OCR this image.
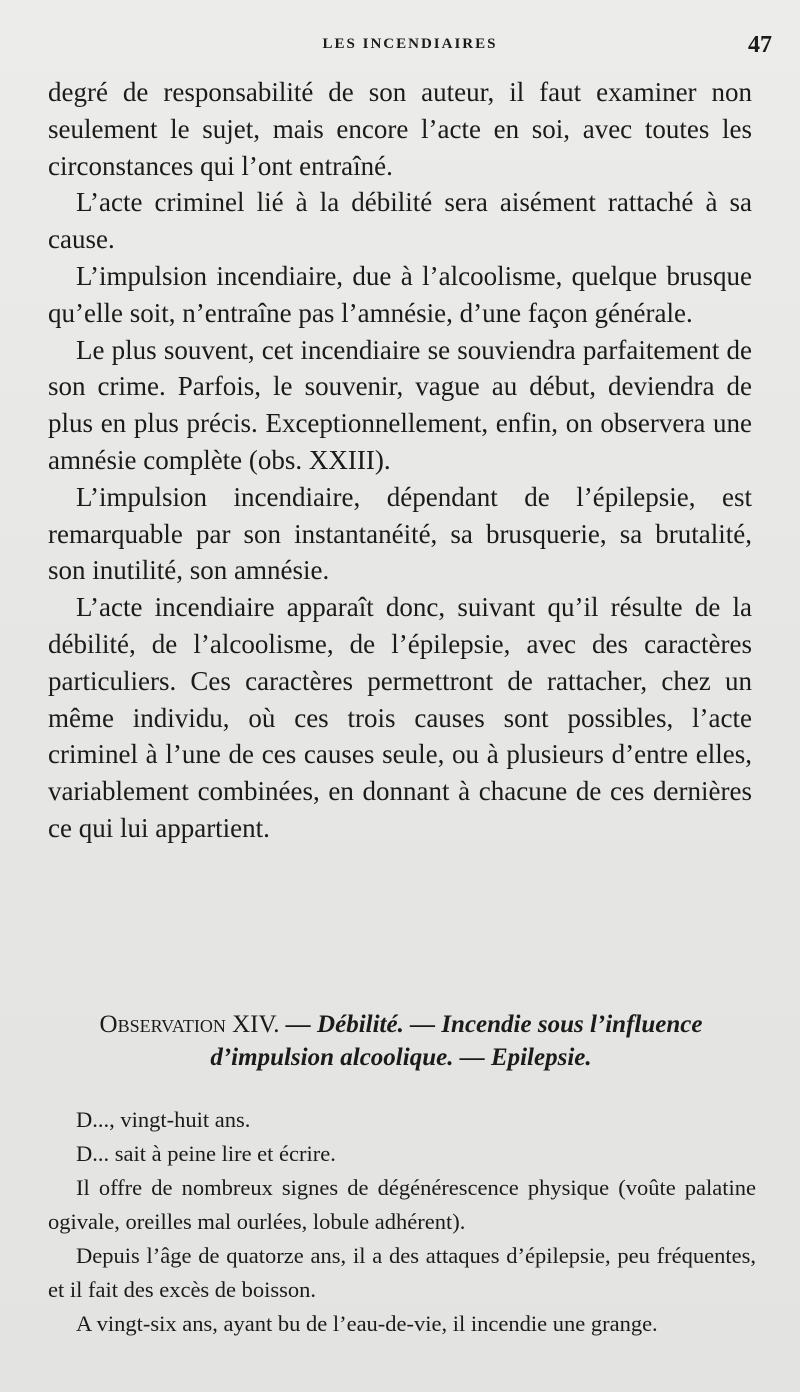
LES INCENDIAIRES	47

degré de responsabilité de son auteur, il faut examiner non seulement le sujet, mais encore l’acte en soi, avec toutes les circonstances qui l’ont entraîné.

L’acte criminel lié à la débilité sera aisément rattaché à sa cause.

L’impulsion incendiaire, due à l’alcoolisme, quelque brusque qu’elle soit, n’entraîne pas l’amnésie, d’une façon générale.

Le plus souvent, cet incendiaire se souviendra parfaitement de son crime. Parfois, le souvenir, vague au début, deviendra de plus en plus précis. Exceptionnellement, enfin, on observera une amnésie complète (obs. XXIII).

L’impulsion incendiaire, dépendant de l’épilepsie, est remarquable par son instantanéité, sa brusquerie, sa brutalité, son inutilité, son amnésie.

L’acte incendiaire apparaît donc, suivant qu’il résulte de la débilité, de l’alcoolisme, de l’épilepsie, avec des caractères particuliers. Ces caractères permettront de rattacher, chez un même individu, où ces trois causes sont possibles, l’acte criminel à l’une de ces causes seule, ou à plusieurs d’entre elles, variablement combinées, en donnant à chacune de ces dernières ce qui lui appartient.

Observation XIV. — Débilité. — Incendie sous l’influence
d’impulsion alcoolique. — Epilepsie.

D..., vingt-huit ans.

D... sait à peine lire et écrire.

Il offre de nombreux signes de dégénérescence physique (voûte palatine ogivale, oreilles mal ourlées, lobule adhérent).

Depuis l’âge de quatorze ans, il a des attaques d’épilepsie, peu fréquentes, et il fait des excès de boisson.

A vingt-six ans, ayant bu de l’eau-de-vie, il incendie une grange.
